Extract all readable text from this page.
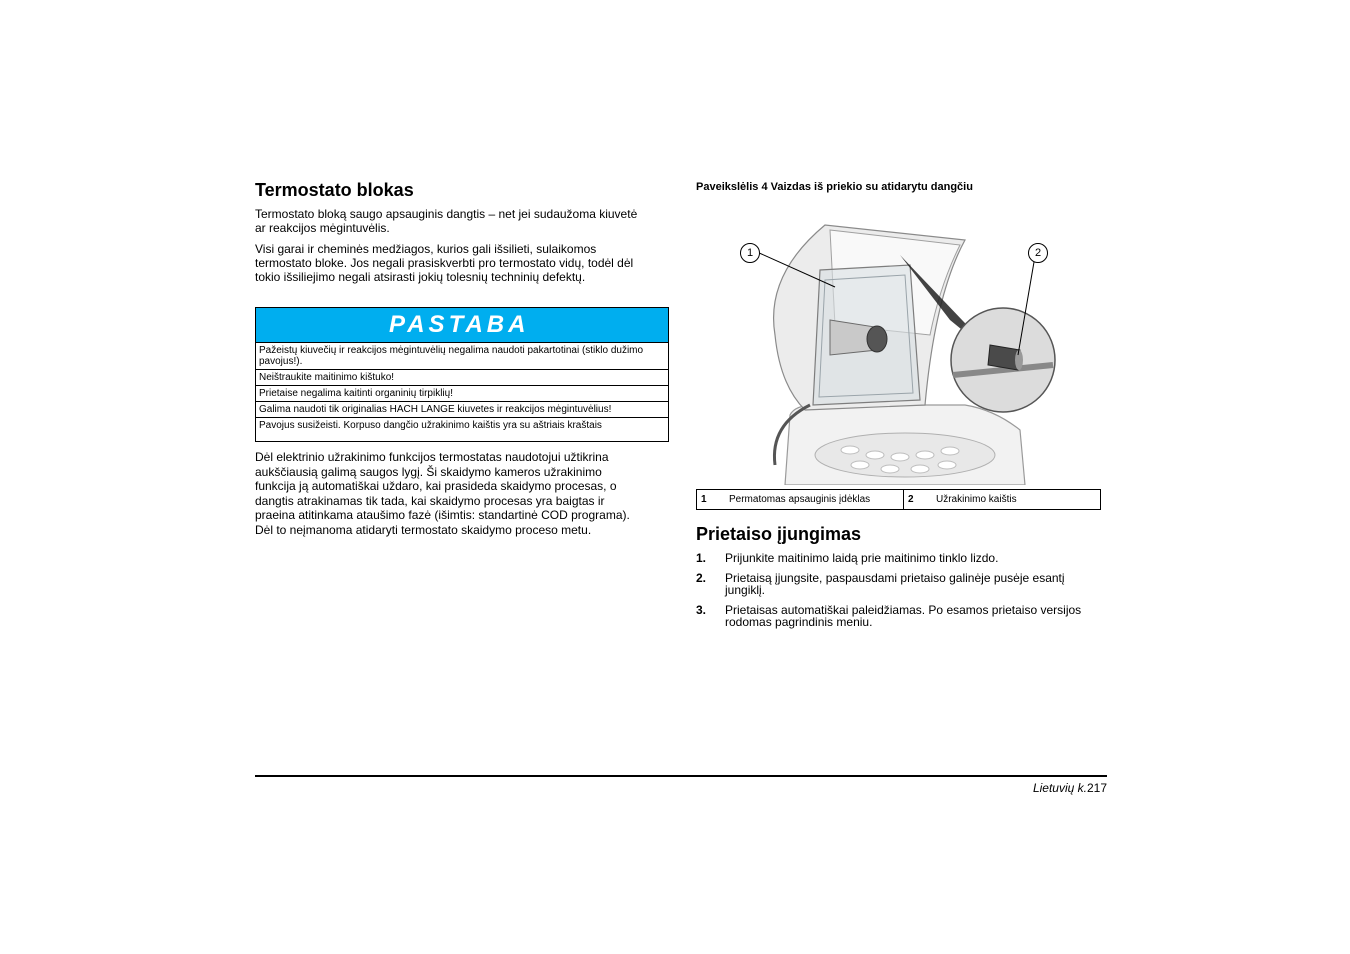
Termostato blokas

Termostato bloką saugo apsauginis dangtis – net jei sudaužoma kiuvetė
ar reakcijos mėgintuvėlis.

Visi garai ir cheminės medžiagos, kurios gali išsilieti, sulaikomos
termostato bloke. Jos negali prasiskverbti pro termostato vidų, todėl dėl
tokio išsiliejimo negali atsirasti jokių tolesnių techninių defektų.

PASTABA
Pažeistų kiuvečių ir reakcijos mėgintuvėlių negalima naudoti pakartotinai (stiklo dužimo pavojus!).
Neištraukite maitinimo kištuko!
Prietaise negalima kaitinti organinių tirpiklių!
Galima naudoti tik originalias HACH LANGE kiuvetes ir reakcijos mėgintuvėlius!
Pavojus susižeisti. Korpuso dangčio užrakinimo kaištis yra su aštriais kraštais

Dėl elektrinio užrakinimo funkcijos termostatas naudotojui užtikrina
aukščiausią galimą saugos lygį. Ši skaidymo kameros užrakinimo
funkcija ją automatiškai uždaro, kai prasideda skaidymo procesas, o
dangtis atrakinamas tik tada, kai skaidymo procesas yra baigtas ir
praeina atitinkama ataušimo fazė (išimtis: standartinė COD programa).
Dėl to neįmanoma atidaryti termostato skaidymo proceso metu.

Paveikslėlis 4 Vaizdas iš priekio su atidarytu dangčiu
1	2
1	Permatomas apsauginis įdėklas	2	Užrakinimo kaištis
Prietaiso įjungimas
1.	Prijunkite maitinimo laidą prie maitinimo tinklo lizdo.
2.	Prietaisą įjungsite, paspausdami prietaiso galinėje pusėje esantį
jungiklį.
3.	Prietaisas automatiškai paleidžiamas. Po esamos prietaiso versijos
rodomas pagrindinis meniu.
Lietuvių k.217
